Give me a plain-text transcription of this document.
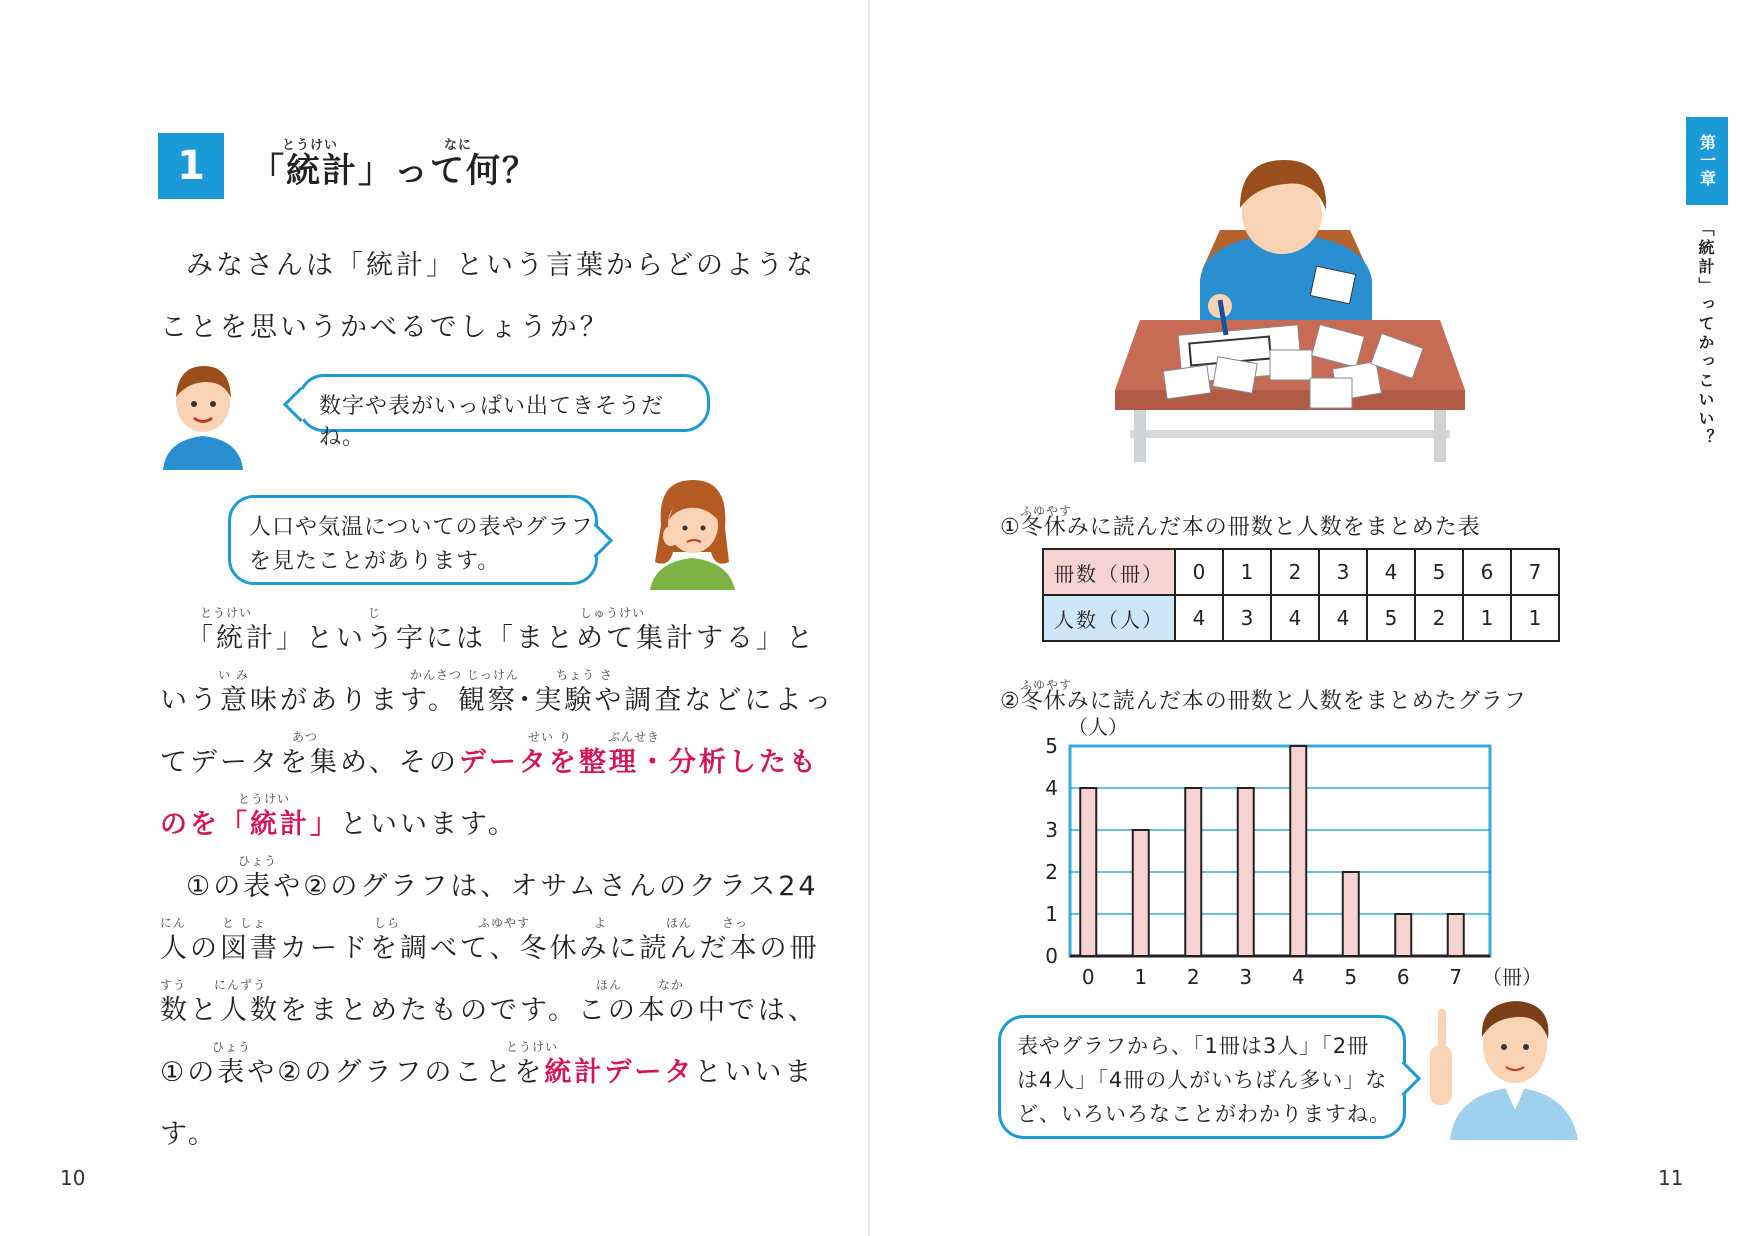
1	とうけい	なに
「統計」って何？
みなさんは「統計」という言葉からどのような
ことを思いうかべるでしょうか？
数字や表がいっぱい出てきそうだね。
人口や気温についての表やグラフ
を見たことがあります。
とうけい	じ	しゅうけい
「統計」という字には「まとめて集計する」と
い み	かんさつ じっけん	ちょう さ
いう意味があります。観察･実験や調査などによっ
あつ	せい り	ぶんせき
てデータを集め、そのデータを整理・分析したも
とうけい
のを「統計」といいます。
ひょう
①の表や②のグラフは、オサムさんのクラス24
にん	と しょ	しら	ふゆやす	よ	ほん さっ
人の図書カードを調べて、冬休みに読んだ本の冊
すう にんずう	ほん	なか
数と人数をまとめたものです。この本の中では、
ひょう	とうけい
①の表や②のグラフのことを統計データといいま
す。
10
第一章
「統計」ってかっこいい？
①冬休みに読んだ本の冊数と人数をまとめた表
ふゆやす
冊数（冊）	0	1	2	3	4	5	6	7
人数（人）	4	3	4	4	5	2	1	1
②冬休みに読んだ本の冊数と人数をまとめたグラフ
ふゆやす
0
1
2
3
4
5
0 1 2 3 4 5 6 7
（人）
（冊）
表やグラフから、「1冊は3人」「2冊
は4人」「4冊の人がいちばん多い」な
ど、いろいろなことがわかりますね。
11
